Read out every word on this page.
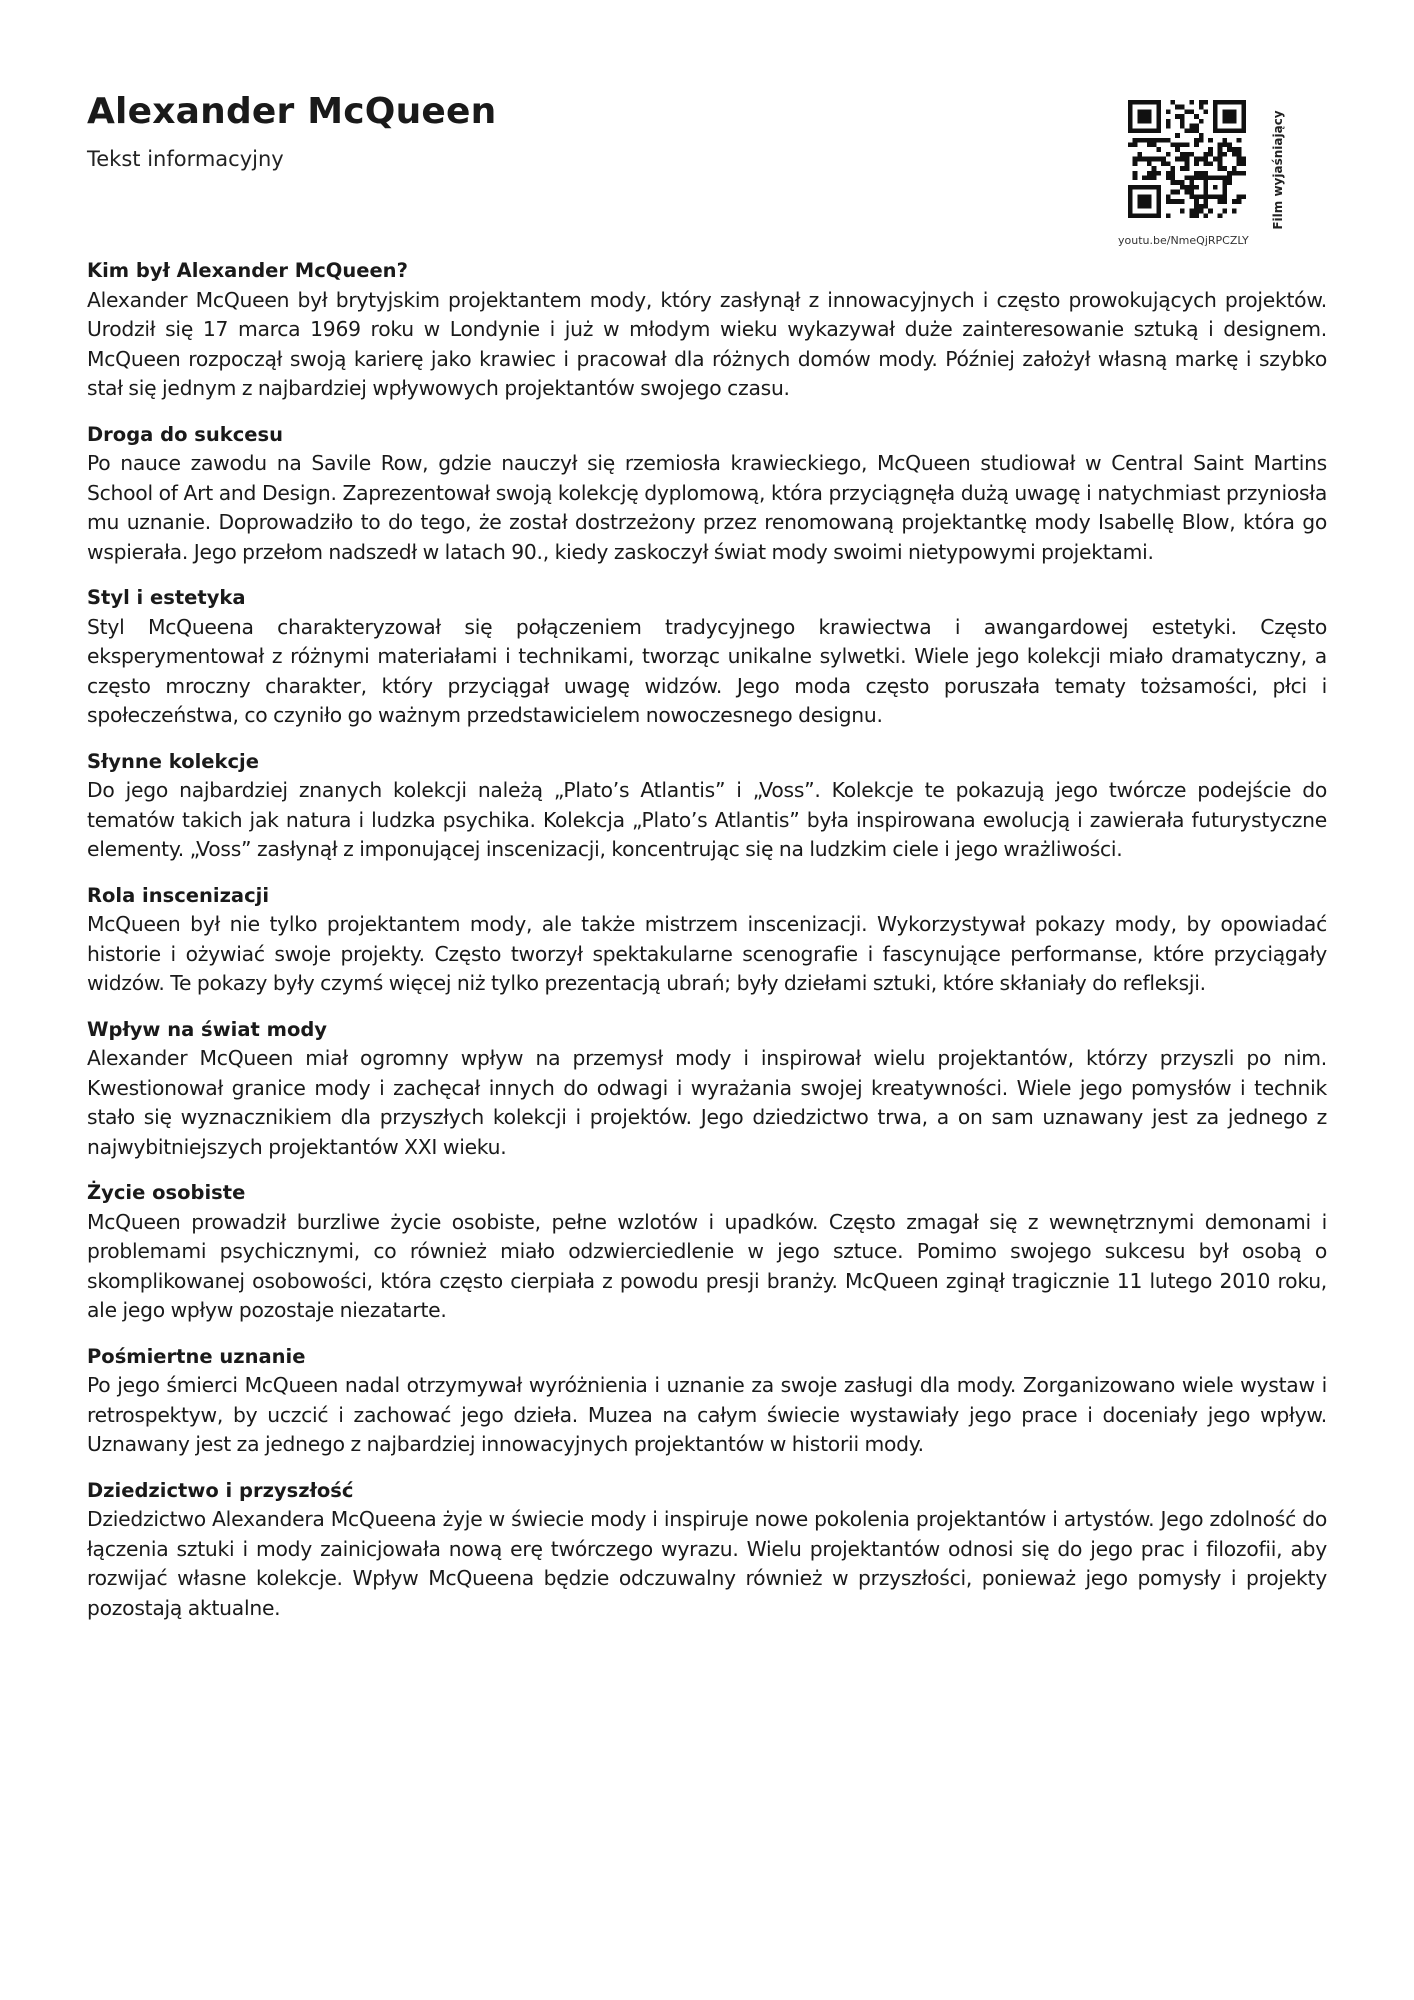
Alexander McQueen
Tekst informacyjny	Film wyjaśniający
youtu.be/NmeQjRPCZLY
Kim był Alexander McQueen?

Alexander McQueen był brytyjskim projektantem mody, który zasłynął z innowacyjnych i często prowokujących projektów. Urodził się 17 marca 1969 roku w Londynie i już w młodym wieku wykazywał duże zainteresowanie sztuką i designem. McQueen rozpoczął swoją karierę jako krawiec i pracował dla różnych domów mody. Później założył własną markę i szybko stał się jednym z najbardziej wpływowych projektantów swojego czasu.

Droga do sukcesu

Po nauce zawodu na Savile Row, gdzie nauczył się rzemiosła krawieckiego, McQueen studiował w Central Saint Martins School of Art and Design. Zaprezentował swoją kolekcję dyplomową, która przyciągnęła dużą uwagę i natychmiast przyniosła mu uznanie. Doprowadziło to do tego, że został dostrzeżony przez renomowaną projektantkę mody Isabellę Blow, która go wspierała. Jego przełom nadszedł w latach 90., kiedy zaskoczył świat mody swoimi nietypowymi projektami.

Styl i estetyka

Styl McQueena charakteryzował się połączeniem tradycyjnego krawiectwa i awangardowej estetyki. Często eksperymentował z różnymi materiałami i technikami, tworząc unikalne sylwetki. Wiele jego kolekcji miało dramatyczny, a często mroczny charakter, który przyciągał uwagę widzów. Jego moda często poruszała tematy tożsamości, płci i społeczeństwa, co czyniło go ważnym przedstawicielem nowoczesnego designu.

Słynne kolekcje

Do jego najbardziej znanych kolekcji należą „Plato’s Atlantis” i „Voss”. Kolekcje te pokazują jego twórcze podejście do tematów takich jak natura i ludzka psychika. Kolekcja „Plato’s Atlantis” była inspirowana ewolucją i zawierała futurystyczne elementy. „Voss” zasłynął z imponującej inscenizacji, koncentrując się na ludzkim ciele i jego wrażliwości.

Rola inscenizacji

McQueen był nie tylko projektantem mody, ale także mistrzem inscenizacji. Wykorzystywał pokazy mody, by opowiadać historie i ożywiać swoje projekty. Często tworzył spektakularne scenografie i fascynujące performanse, które przyciągały widzów. Te pokazy były czymś więcej niż tylko prezentacją ubrań; były dziełami sztuki, które skłaniały do refleksji.

Wpływ na świat mody

Alexander McQueen miał ogromny wpływ na przemysł mody i inspirował wielu projektantów, którzy przyszli po nim. Kwestionował granice mody i zachęcał innych do odwagi i wyrażania swojej kreatywności. Wiele jego pomysłów i technik stało się wyznacznikiem dla przyszłych kolekcji i projektów. Jego dziedzictwo trwa, a on sam uznawany jest za jednego z najwybitniejszych projektantów XXI wieku.

Życie osobiste

McQueen prowadził burzliwe życie osobiste, pełne wzlotów i upadków. Często zmagał się z wewnętrznymi demonami i problemami psychicznymi, co również miało odzwierciedlenie w jego sztuce. Pomimo swojego sukcesu był osobą o skomplikowanej osobowości, która często cierpiała z powodu presji branży. McQueen zginął tragicznie 11 lutego 2010 roku, ale jego wpływ pozostaje niezatarte.

Pośmiertne uznanie

Po jego śmierci McQueen nadal otrzymywał wyróżnienia i uznanie za swoje zasługi dla mody. Zorganizowano wiele wystaw i retrospektyw, by uczcić i zachować jego dzieła. Muzea na całym świecie wystawiały jego prace i doceniały jego wpływ. Uznawany jest za jednego z najbardziej innowacyjnych projektantów w historii mody.

Dziedzictwo i przyszłość

Dziedzictwo Alexandera McQueena żyje w świecie mody i inspiruje nowe pokolenia projektantów i artystów. Jego zdolność do łączenia sztuki i mody zainicjowała nową erę twórczego wyrazu. Wielu projektantów odnosi się do jego prac i filozofii, aby rozwijać własne kolekcje. Wpływ McQueena będzie odczuwalny również w przyszłości, ponieważ jego pomysły i projekty pozostają aktualne.
